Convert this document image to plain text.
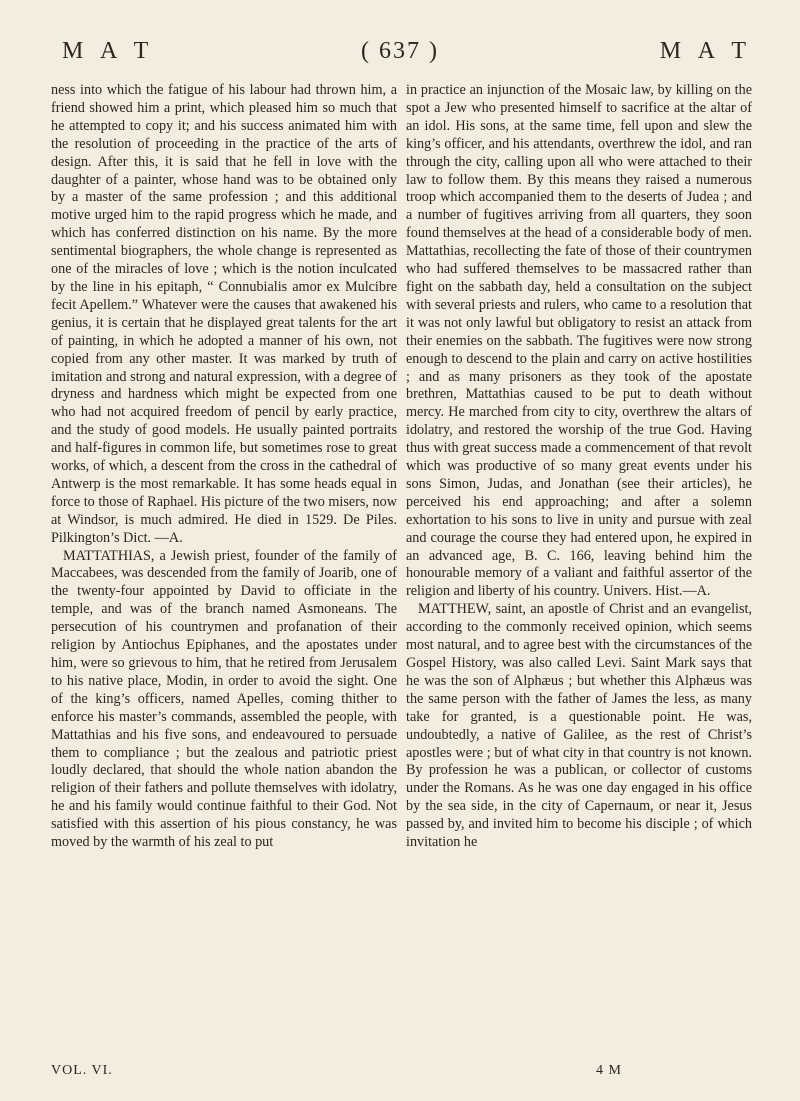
( 637 )
M A T	M A T

ness into which the fatigue of his labour had thrown him, a friend showed him a print, which pleased him so much that he attempted to copy it; and his success animated him with the resolution of proceeding in the practice of the arts of design. After this, it is said that he fell in love with the daughter of a painter, whose hand was to be obtained only by a master of the same profession ; and this additional motive urged him to the rapid progress which he made, and which has conferred distinction on his name. By the more sentimental biographers, the whole change is represented as one of the miracles of love ; which is the notion inculcated by the line in his epitaph, “ Connubialis amor ex Mulcibre fecit Apellem.” Whatever were the causes that awakened his genius, it is certain that he displayed great talents for the art of painting, in which he adopted a manner of his own, not copied from any other master. It was marked by truth of imitation and strong and natural expression, with a degree of dryness and hardness which might be expected from one who had not acquired freedom of pencil by early practice, and the study of good models. He usually painted portraits and half-figures in common life, but sometimes rose to great works, of which, a descent from the cross in the cathedral of Antwerp is the most remarkable. It has some heads equal in force to those of Raphael. His picture of the two misers, now at Windsor, is much admired. He died in 1529. De Piles. Pilkington’s Dict. —A.

MATTATHIAS, a Jewish priest, founder of the family of Maccabees, was descended from the family of Joarib, one of the twenty-four appointed by David to officiate in the temple, and was of the branch named Asmoneans. The persecution of his countrymen and profanation of their religion by Antiochus Epiphanes, and the apostates under him, were so grievous to him, that he retired from Jerusalem to his native place, Modin, in order to avoid the sight. One of the king’s officers, named Apelles, coming thither to enforce his master’s commands, assembled the people, with Mattathias and his five sons, and endeavoured to persuade them to compliance ; but the zealous and patriotic priest loudly declared, that should the whole nation abandon the religion of their fathers and pollute themselves with idolatry, he and his family would continue faithful to their God. Not satisfied with this assertion of his pious constancy, he was moved by the warmth of his zeal to put

in practice an injunction of the Mosaic law, by killing on the spot a Jew who presented himself to sacrifice at the altar of an idol. His sons, at the same time, fell upon and slew the king’s officer, and his attendants, overthrew the idol, and ran through the city, calling upon all who were attached to their law to follow them. By this means they raised a numerous troop which accompanied them to the deserts of Judea ; and a number of fugitives arriving from all quarters, they soon found themselves at the head of a considerable body of men. Mattathias, recollecting the fate of those of their countrymen who had suffered themselves to be massacred rather than fight on the sabbath day, held a consultation on the subject with several priests and rulers, who came to a resolution that it was not only lawful but obligatory to resist an attack from their enemies on the sabbath. The fugitives were now strong enough to descend to the plain and carry on active hostilities ; and as many prisoners as they took of the apostate brethren, Mattathias caused to be put to death without mercy. He marched from city to city, overthrew the altars of idolatry, and restored the worship of the true God. Having thus with great success made a commencement of that revolt which was productive of so many great events under his sons Simon, Judas, and Jonathan (see their articles), he perceived his end approaching; and after a solemn exhortation to his sons to live in unity and pursue with zeal and courage the course they had entered upon, he expired in an advanced age, B. C. 166, leaving behind him the honourable memory of a valiant and faithful assertor of the religion and liberty of his country. Univers. Hist.—A.

MATTHEW, saint, an apostle of Christ and an evangelist, according to the commonly received opinion, which seems most natural, and to agree best with the circumstances of the Gospel History, was also called Levi. Saint Mark says that he was the son of Alphæus ; but whether this Alphæus was the same person with the father of James the less, as many take for granted, is a questionable point. He was, undoubtedly, a native of Galilee, as the rest of Christ’s apostles were ; but of what city in that country is not known. By profession he was a publican, or collector of customs under the Romans. As he was one day engaged in his office by the sea side, in the city of Capernaum, or near it, Jesus passed by, and invited him to become his disciple ; of which invitation he

VOL. VI.	4 M
